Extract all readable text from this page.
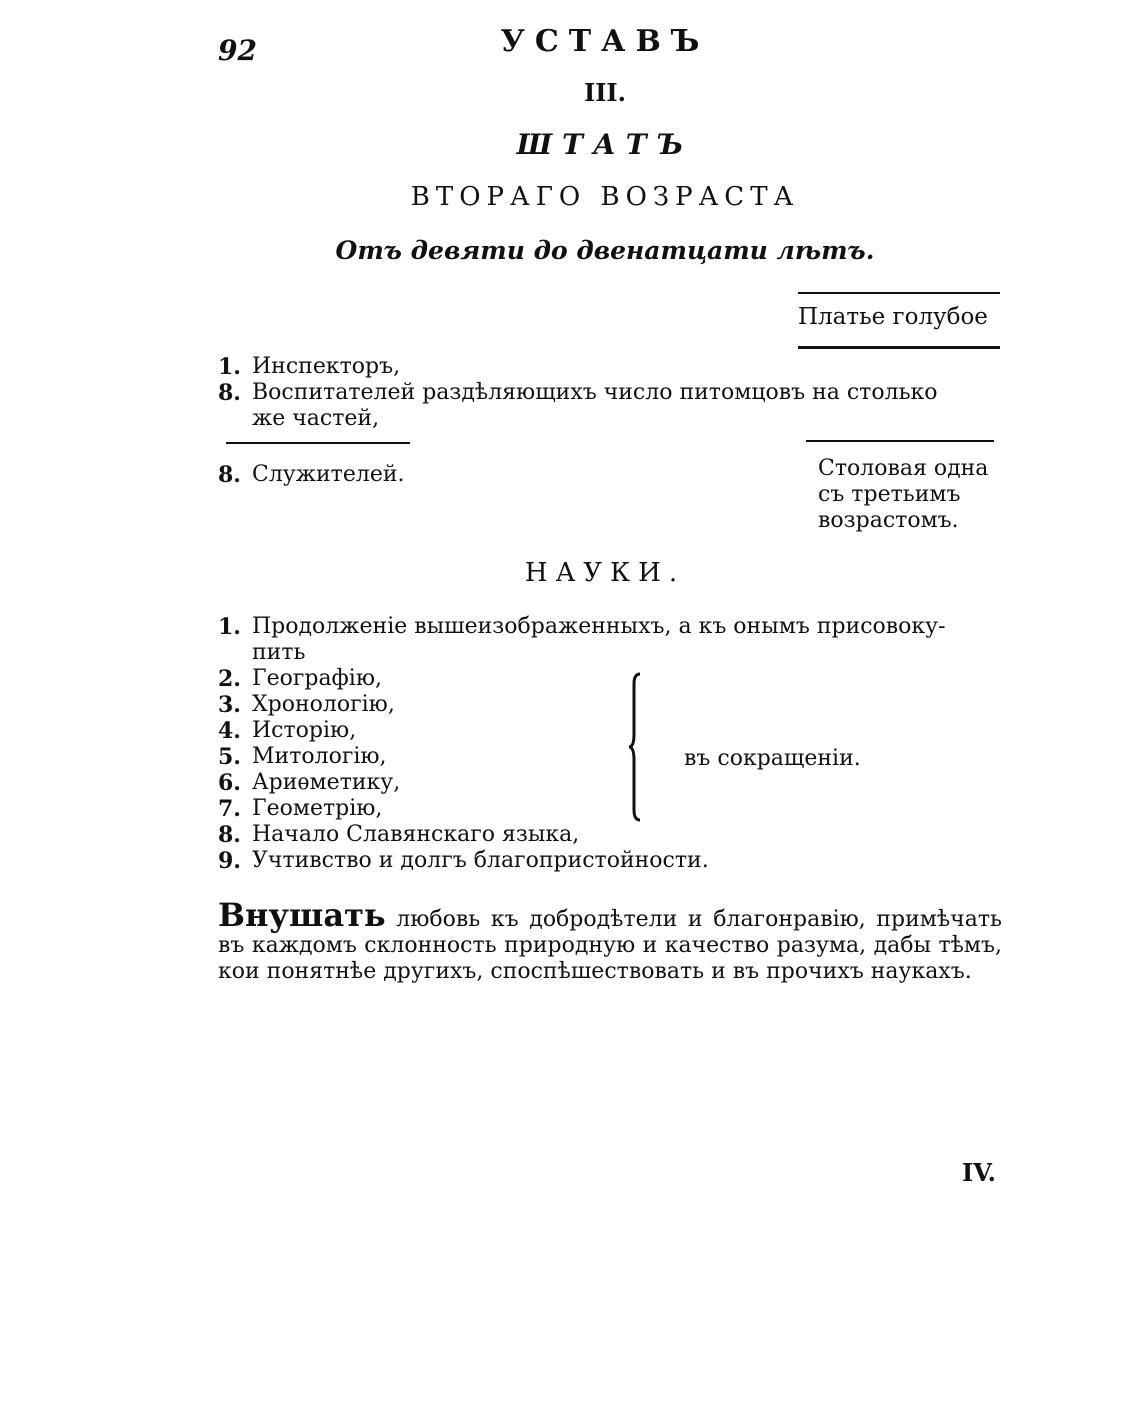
92	УСТАВЪ
III.
ШТАТЪ
ВТОРАГО ВОЗРАСТА
Отъ девяти до двенатцати лѣтъ.
Платье голубое
1. Инспекторъ,
8. Воспитателей раздѣляющихъ число питомцовъ на столько
же частей,
8. Служителей.	Столовая одна
съ третьимъ
возрастомъ.
НАУКИ.
1. Продолженіе вышеизображенныхъ, а къ онымъ присовоку-
пить
2. Географію,
3. Хронологію,
4. Исторію,
5. Митологію,
6. Ариѳметику,
7. Геометрію,
8. Начало Славянскаго языка,
9. Учтивство и долгъ благопристойности.
въ сокращеніи.
Внушать любовь къ добродѣтели и благонравію, примѣчать въ каждомъ склонность природную и качество разума, дабы тѣмъ, кои понятнѣе другихъ, споспѣшествовать и въ прочихъ наукахъ.
IV.
